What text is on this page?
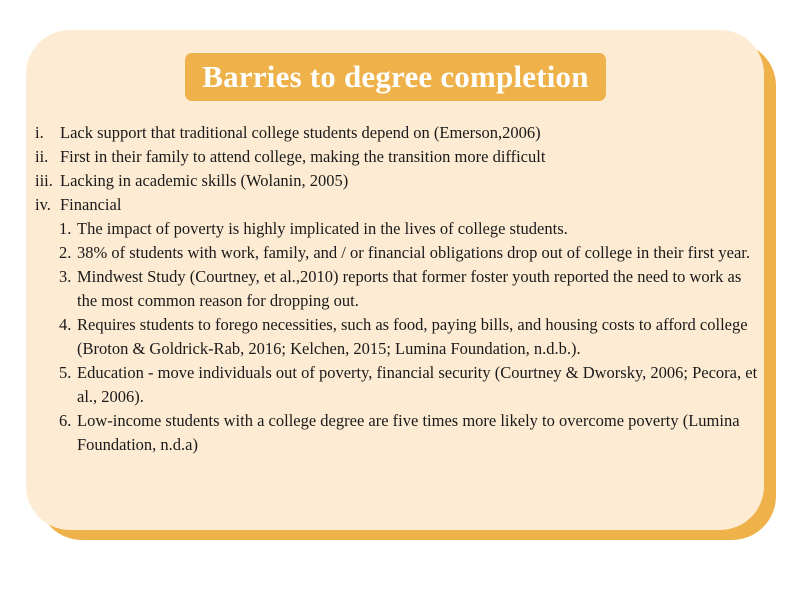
Barries to degree completion
i. Lack support that traditional college students depend on (Emerson,2006)
ii. First in their family to attend college, making the transition more difficult
iii. Lacking in academic skills (Wolanin, 2005)
iv. Financial
1. The impact of poverty is highly implicated in the lives of college students.
2. 38% of students with work, family, and / or financial obligations drop out of college in their first year.
3. Mindwest Study (Courtney, et al.,2010) reports that former foster youth reported the need to work as the most common reason for dropping out.
4. Requires students to forego necessities, such as food, paying bills, and housing costs to afford college (Broton & Goldrick-Rab, 2016; Kelchen, 2015; Lumina Foundation, n.d.b.).
5. Education - move individuals out of poverty, financial security (Courtney & Dworsky, 2006; Pecora, et al., 2006).
6. Low-income students with a college degree are five times more likely to overcome poverty (Lumina Foundation, n.d.a)
